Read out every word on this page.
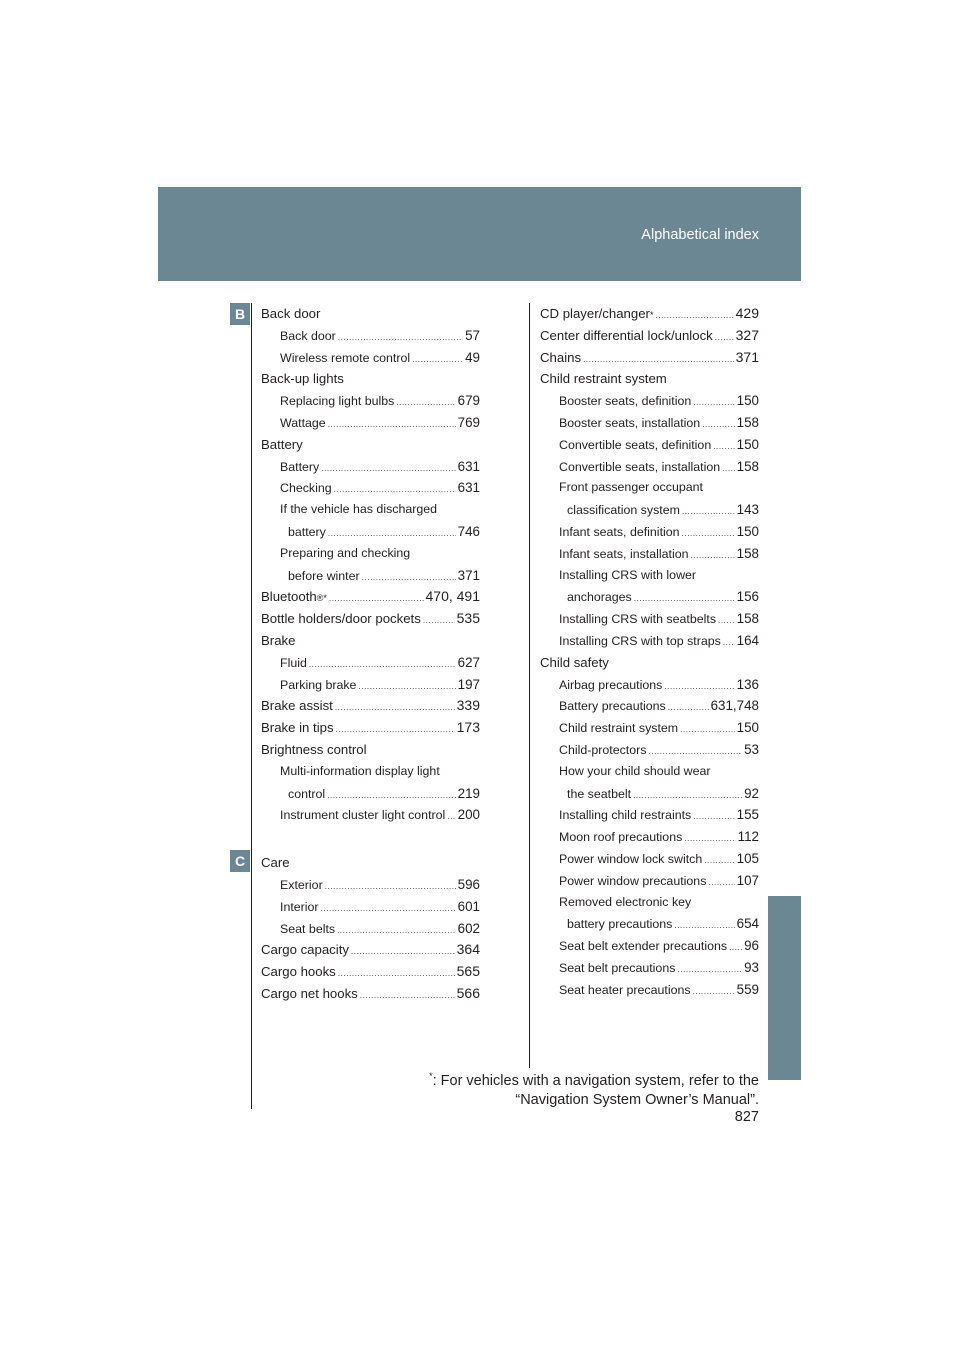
Alphabetical index
B
C
Back door
Back door .....	57
Wireless remote control .....	49
Back-up lights
Replacing light bulbs .....	679
Wattage .....	769
Battery
Battery .....	631
Checking .....	631
If the vehicle has discharged
battery .....	746
Preparing and checking
before winter .....	371
Bluetooth ®* .....	470, 491
Bottle holders/door pockets .....	535
Brake
Fluid .....	627
Parking brake .....	197
Brake assist .....	339
Brake in tips .....	173
Brightness control
Multi-information display light
control .....	219
Instrument cluster light control ..... 200
Care
Exterior .....	596
Interior .....	601
Seat belts .....	602
Cargo capacity .....	364
Cargo hooks .....	565
Cargo net hooks .....	566
CD player/changer * .....	429
Center differential lock/unlock ..... 327
Chains .....	371
Child restraint system
Booster seats, definition .....	150
Booster seats, installation .....	158
Convertible seats, definition ..... 150
Convertible seats, installation ..... 158
Front passenger occupant
classification system .....	143
Infant seats, definition .....	150
Infant seats, installation .....	158
Installing CRS with lower
anchorages .....	156
Installing CRS with seatbelts ..... 158
Installing CRS with top straps ..... 164
Child safety
Airbag precautions .....	136
Battery precautions .....	631,748
Child restraint system .....	150
Child-protectors .....	53
How your child should wear
the seatbelt .....	92
Installing child restraints .....	155
Moon roof precautions .....	112
Power window lock switch .....	105
Power window precautions ..... 107
Removed electronic key
battery precautions .....	654
Seat belt extender precautions ..... 96
Seat belt precautions .....	93
Seat heater precautions .....	559
*: For vehicles with a navigation system, refer to the
“Navigation System Owner’s Manual”.
827
